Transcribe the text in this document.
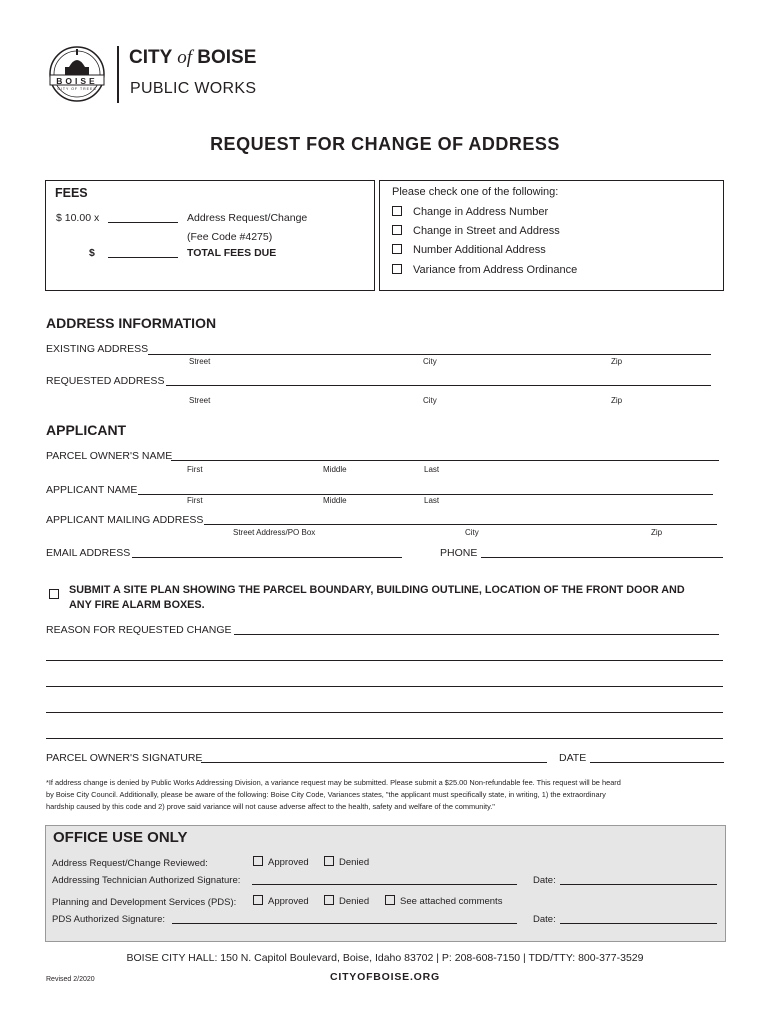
BOISE
CITY OF TREES
CITY of BOISE
PUBLIC WORKS
REQUEST FOR CHANGE OF ADDRESS
FEES
$ 10.00 x	Address Request/Change
(Fee Code #4275)
$	TOTAL FEES DUE
Please check one of the following:
Change in Address Number
Change in Street and Address
Number Additional Address
Variance from Address Ordinance
ADDRESS INFORMATION
EXISTING ADDRESS
Street	City	Zip
REQUESTED ADDRESS
Street	City	Zip
APPLICANT
PARCEL OWNER'S NAME
First	Middle	Last
APPLICANT NAME
First	Middle	Last
APPLICANT MAILING ADDRESS
Street Address/PO Box	City	Zip
EMAIL ADDRESS	PHONE
SUBMIT A SITE PLAN SHOWING THE PARCEL BOUNDARY, BUILDING OUTLINE, LOCATION OF THE FRONT DOOR AND
ANY FIRE ALARM BOXES.
REASON FOR REQUESTED CHANGE
PARCEL OWNER'S SIGNATURE	DATE
*If address change is denied by Public Works Addressing Division, a variance request may be submitted. Please submit a $25.00 Non-refundable fee. This request will be heard
by Boise City Council. Additionally, please be aware of the following: Boise City Code, Variances states, "the applicant must specifically state, in writing, 1) the extraordinary
hardship caused by this code and 2) prove said variance will not cause adverse affect to the health, safety and welfare of the community."
OFFICE USE ONLY
Address Request/Change Reviewed:	Approved	Denied
Addressing Technician Authorized Signature:	Date:
Planning and Development Services (PDS):	Approved	Denied	See attached comments
PDS Authorized Signature:	Date:
BOISE CITY HALL: 150 N. Capitol Boulevard, Boise, Idaho 83702 | P: 208-608-7150 | TDD/TTY: 800-377-3529
Revised 2/2020	CITYOFBOISE.ORG
